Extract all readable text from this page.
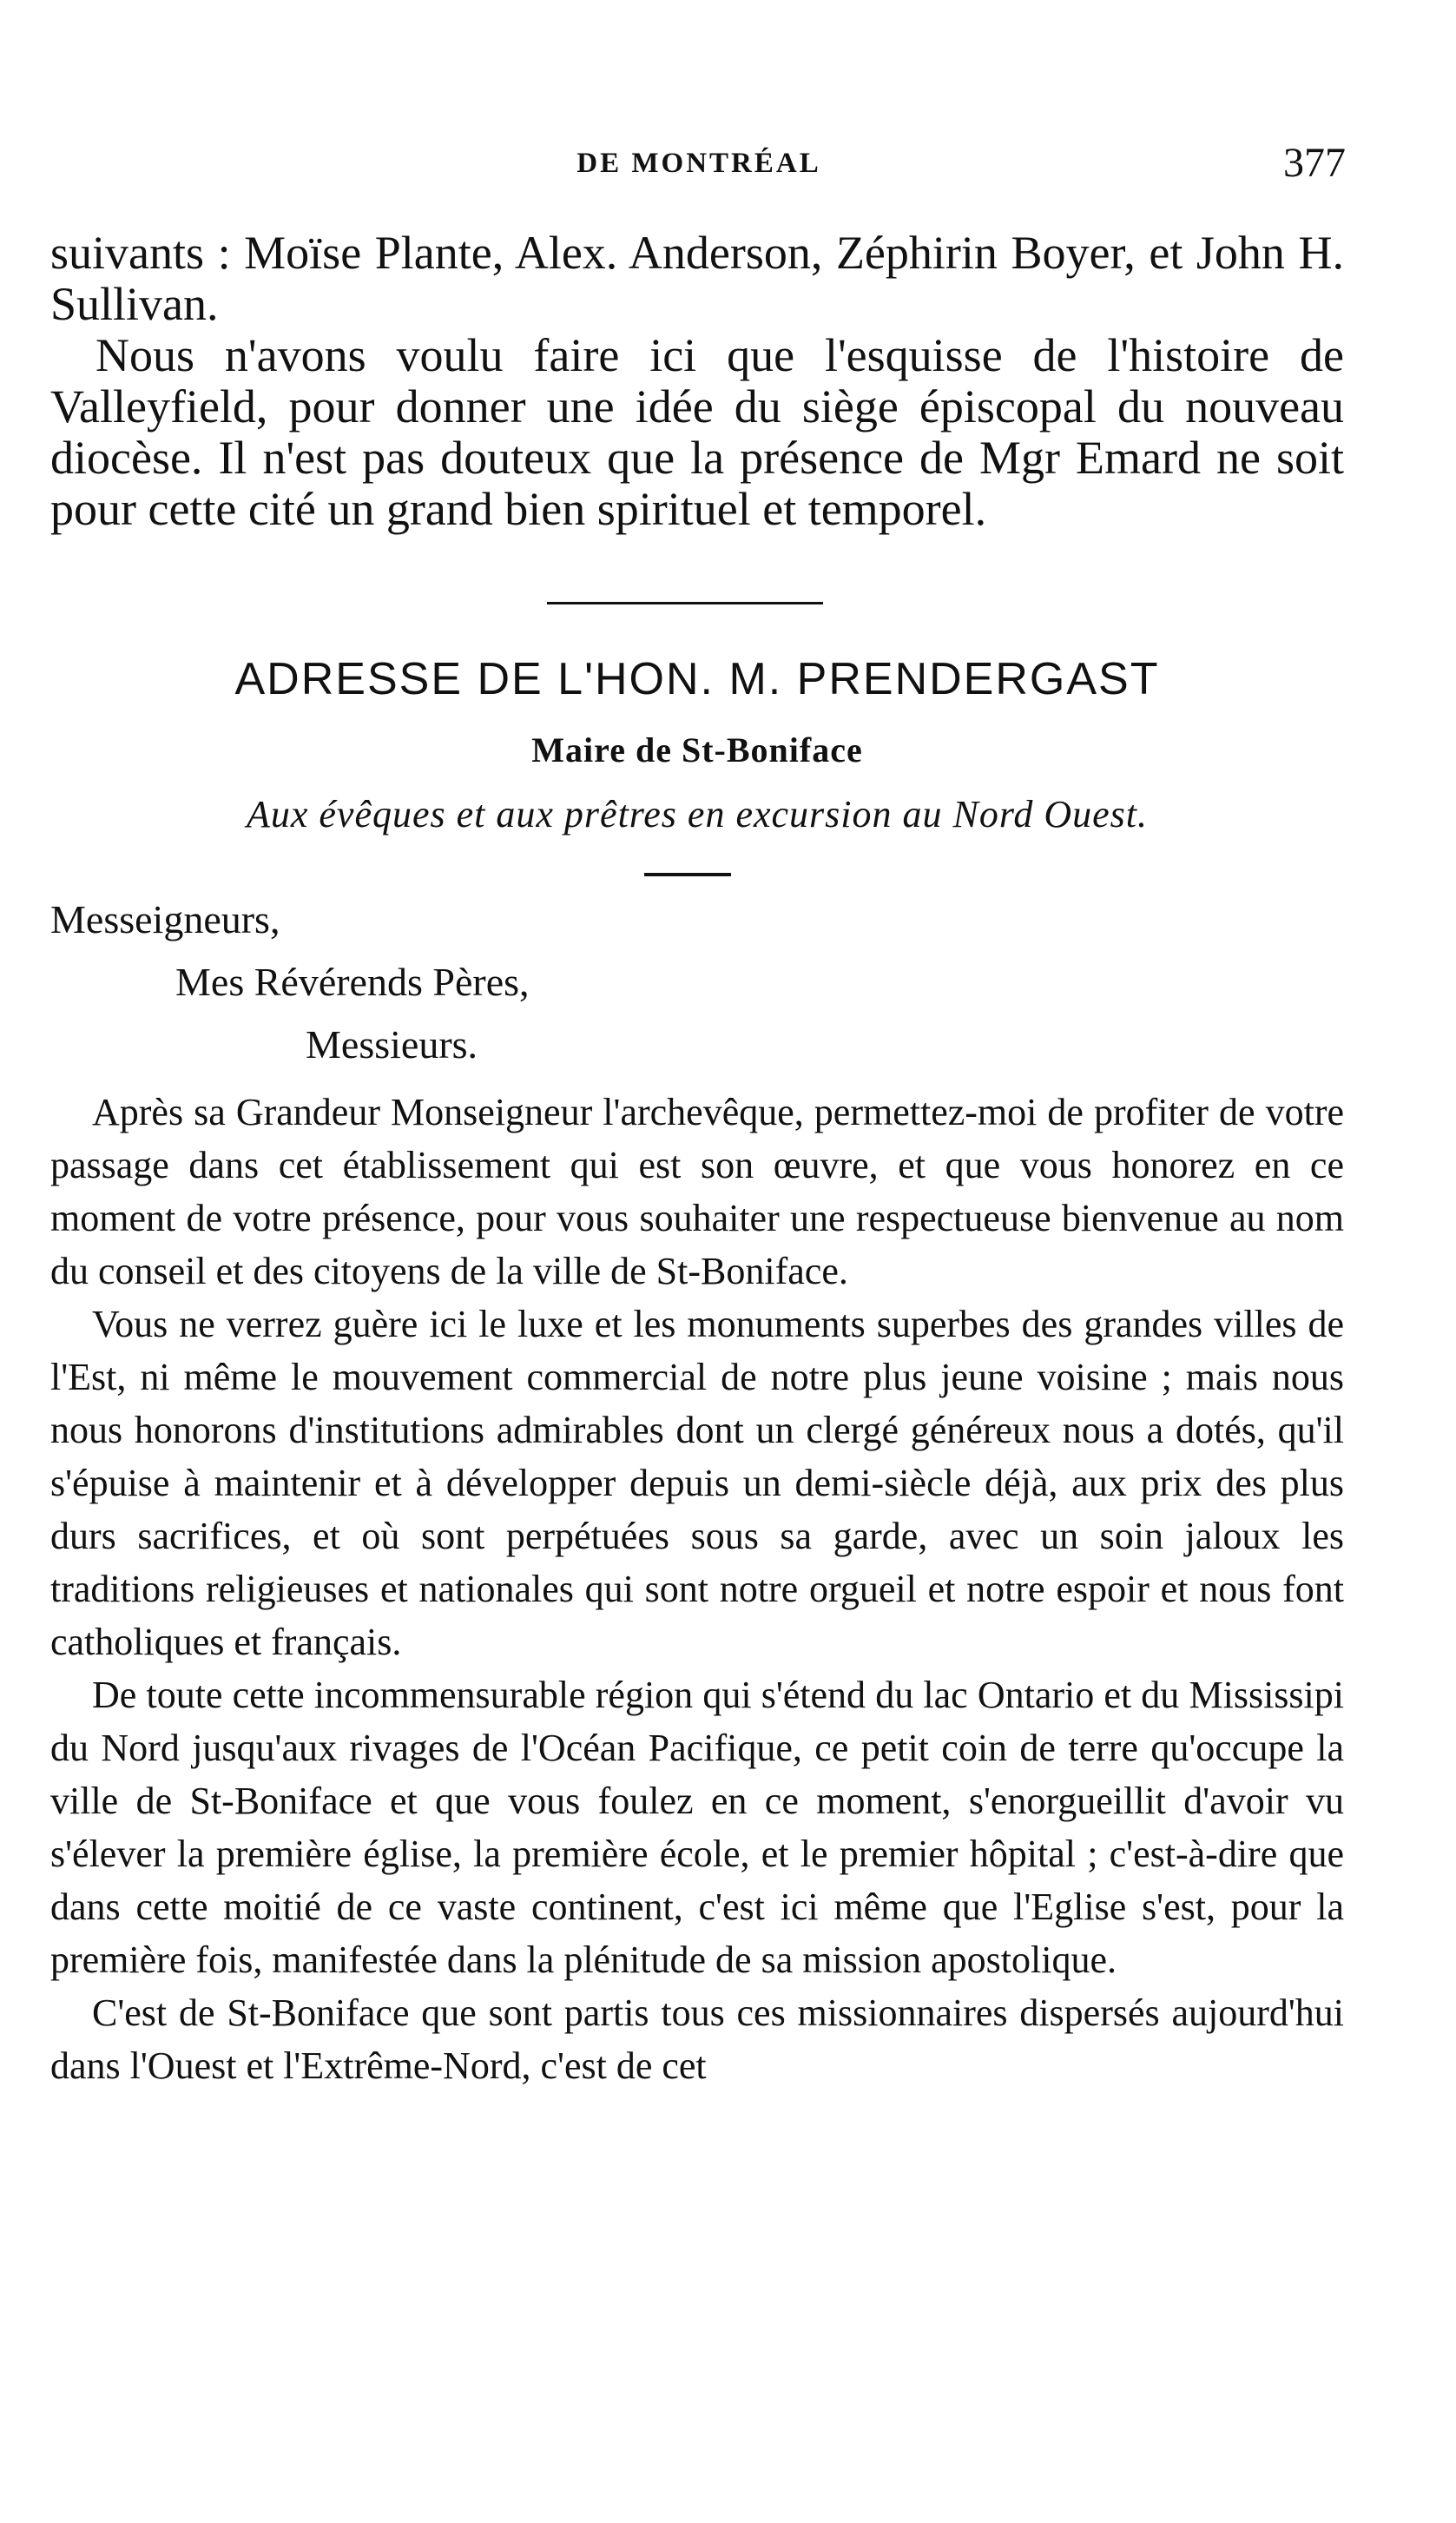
DE MONTRÉAL	377

suivants : Moïse Plante, Alex. Anderson, Zéphirin Boyer, et John H. Sullivan.

Nous n'avons voulu faire ici que l'esquisse de l'histoire de Valleyfield, pour donner une idée du siège épiscopal du nouveau diocèse. Il n'est pas douteux que la présence de Mgr Emard ne soit pour cette cité un grand bien spirituel et temporel.

ADRESSE DE L'HON. M. PRENDERGAST
Maire de St-Boniface
Aux évêques et aux prêtres en excursion au Nord Ouest.
Messeigneurs,
Mes Révérends Pères,
Messieurs.

Après sa Grandeur Monseigneur l'archevêque, permettez-moi de profiter de votre passage dans cet établissement qui est son œuvre, et que vous honorez en ce moment de votre présence, pour vous souhaiter une respectueuse bienvenue au nom du conseil et des citoyens de la ville de St-Boniface.

Vous ne verrez guère ici le luxe et les monuments superbes des grandes villes de l'Est, ni même le mouvement commercial de notre plus jeune voisine ; mais nous nous honorons d'institutions admirables dont un clergé généreux nous a dotés, qu'il s'épuise à maintenir et à développer depuis un demi-siècle déjà, aux prix des plus durs sacrifices, et où sont perpétuées sous sa garde, avec un soin jaloux les traditions religieuses et nationales qui sont notre orgueil et notre espoir et nous font catholiques et français.

De toute cette incommensurable région qui s'étend du lac Ontario et du Mississipi du Nord jusqu'aux rivages de l'Océan Pacifique, ce petit coin de terre qu'occupe la ville de St-Boniface et que vous foulez en ce moment, s'enorgueillit d'avoir vu s'élever la première église, la première école, et le premier hôpital ; c'est-à-dire que dans cette moitié de ce vaste continent, c'est ici même que l'Eglise s'est, pour la première fois, manifestée dans la plénitude de sa mission apostolique.

C'est de St-Boniface que sont partis tous ces missionnaires dispersés aujourd'hui dans l'Ouest et l'Extrême-Nord, c'est de cet
